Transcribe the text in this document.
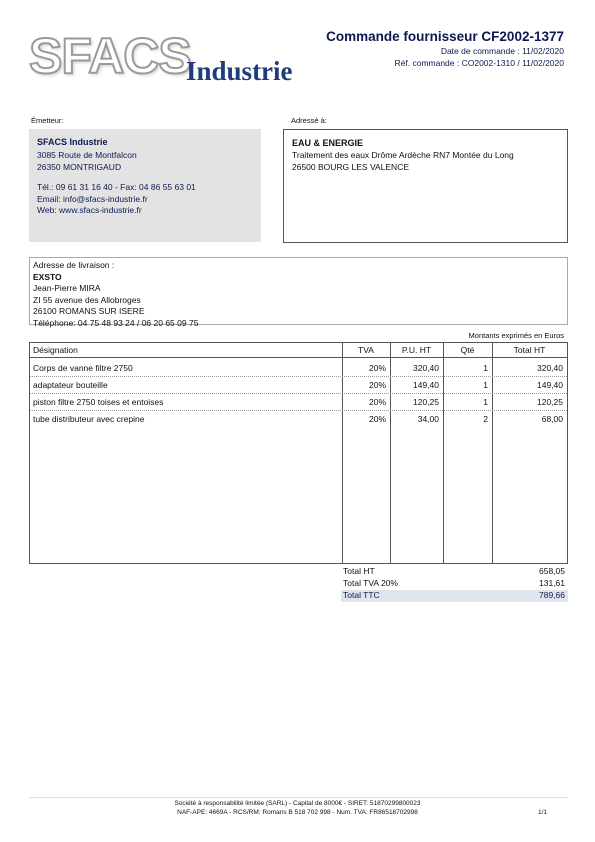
SFACS
Industrie
Commande fournisseur CF2002-1377
Date de commande : 11/02/2020
Réf. commande : CO2002-1310 / 11/02/2020
Émetteur:
SFACS Industrie
3085 Route de Montfalcon
26350 MONTRIGAUD
Tél.: 09 61 31 16 40 - Fax: 04 86 55 63 01
Email: info@sfacs-industrie.fr
Web: www.sfacs-industrie.fr
Adressé à:
EAU & ENERGIE
Traitement des eaux Drôme Ardèche RN7 Montée du Long
26500 BOURG LES VALENCE
Adresse de livraison :
EXSTO
Jean-Pierre MIRA
ZI 55 avenue des Allobroges
26100 ROMANS SUR ISERE
Téléphone: 04 75 48 93 24 / 06 20 65 09 75
Montants exprimés en Euros
Désignation	TVA	P.U. HT	Qté	Total HT
Corps de vanne filtre 2750	20%	320,40	1	320,40
adaptateur bouteille	20%	149,40	1	149,40
piston filtre 2750 toises et entoises	20%	120,25	1	120,25
tube distributeur avec crepine	20%	34,00	2	68,00
Total HT	658,05
Total TVA 20%	131,61
Total TTC	789,66
Société à responsabilité limitée (SARL) - Capital de 8000€ - SIRET: 51870299800023
NAF-APE: 4669A - RCS/RM: Romans B 518 702 998 - Num. TVA: FR86518702998	1/1
